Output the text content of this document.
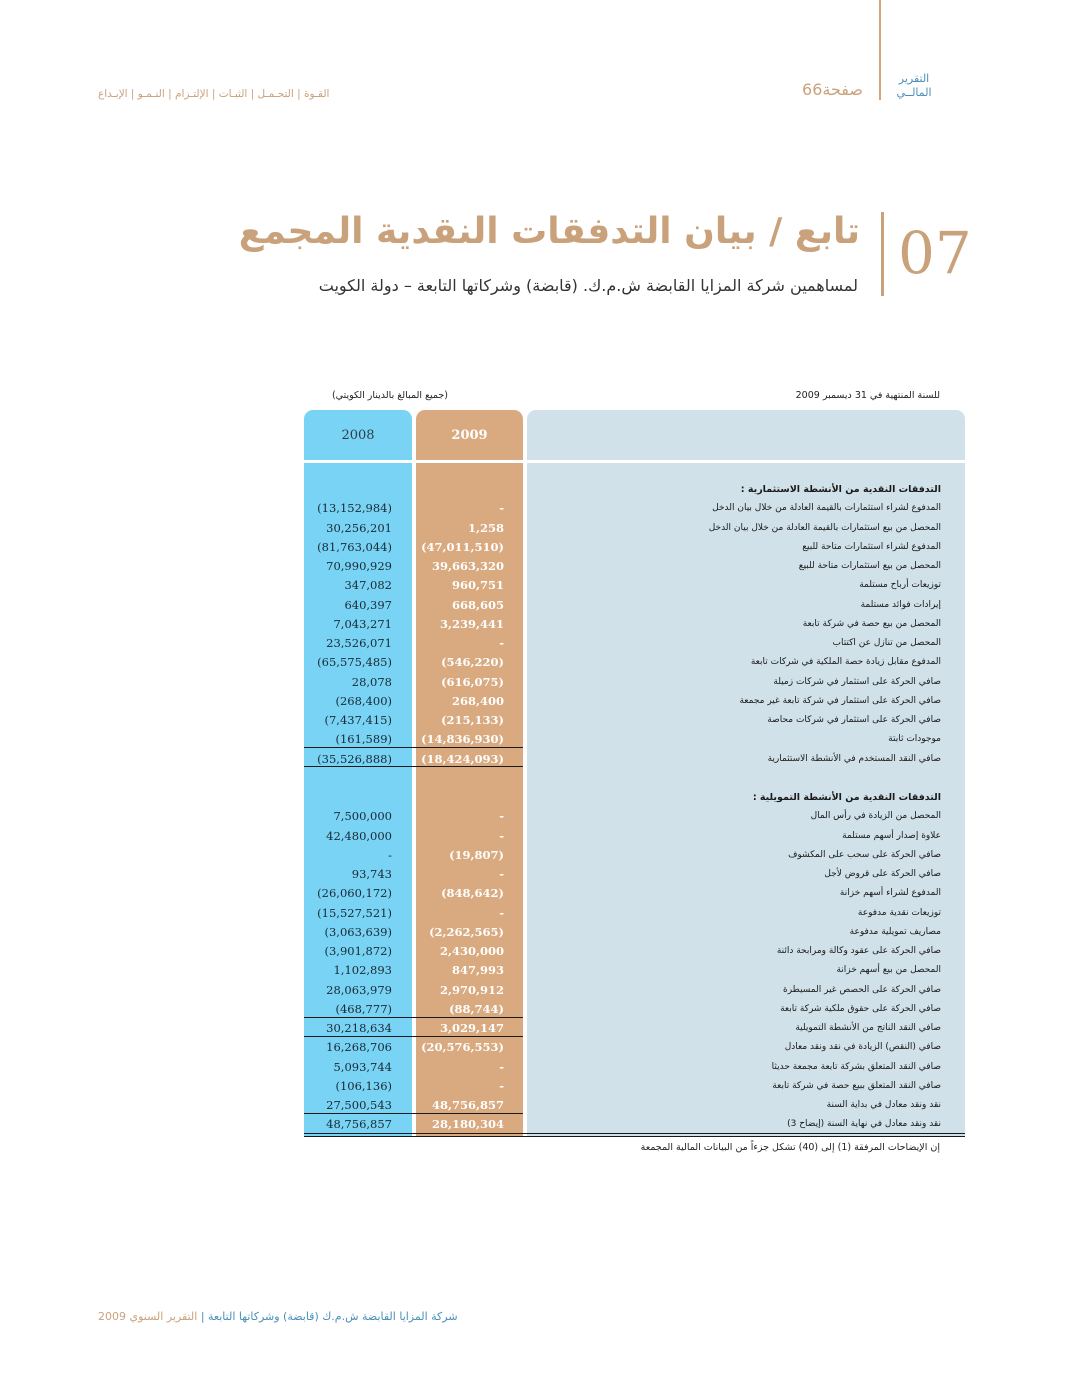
التقرير
المالــي
صفحة66
القـوة | التحـمـل | الثبـات | الإلتـزام | النـمـو | الإبـداع
07
تابع / بيان التدفقات النقدية المجمع
لمساهمين شركة المزايا القابضة ش.م.ك. (قابضة) وشركاتها التابعة – دولة الكويت
للسنة المنتهية في 31 ديسمبر 2009
(جميع المبالغ بالدينار الكويتي)
2008	2009
التدفقات النقدية من الأنشطة الاستثمارية :
(13,152,984)	-	المدفوع لشراء استثمارات بالقيمة العادلة من خلال بيان الدخل
30,256,201	1,258	المحصل من بيع استثمارات بالقيمة العادلة من خلال بيان الدخل
(81,763,044)	(47,011,510)	المدفوع لشراء استثمارات متاحة للبيع
70,990,929	39,663,320	المحصل من بيع استثمارات متاحة للبيع
347,082	960,751	توزيعات أرباح مستلمة
640,397	668,605	إيرادات فوائد مستلمة
7,043,271	3,239,441	المحصل من بيع حصة في شركة تابعة
23,526,071	-	المحصل من تنازل عن اكتتاب
(65,575,485)	(546,220)	المدفوع مقابل زيادة حصة الملكية في شركات تابعة
28,078	(616,075)	صافي الحركة على استثمار في شركات زميلة
(268,400)	268,400	صافي الحركة على استثمار في شركة تابعة غير مجمعة
(7,437,415)	(215,133)	صافي الحركة على استثمار في شركات محاصة
(161,589)	(14,836,930)	موجودات ثابتة
(35,526,888)	(18,424,093)	صافي النقد المستخدم في الأنشطة الاستثمارية
التدفقات النقدية من الأنشطة التمويلية :
7,500,000	-	المحصل من الزيادة في رأس المال
42,480,000	-	علاوة إصدار أسهم مستلمة
-	(19,807)	صافي الحركة على سحب على المكشوف
93,743	-	صافي الحركة على قروض لأجل
(26,060,172)	(848,642)	المدفوع لشراء أسهم خزانة
(15,527,521)	-	توزيعات نقدية مدفوعة
(3,063,639)	(2,262,565)	مصاريف تمويلية مدفوعة
(3,901,872)	2,430,000	صافي الحركة على عقود وكالة ومرابحة دائنة
1,102,893	847,993	المحصل من بيع أسهم خزانة
28,063,979	2,970,912	صافي الحركة على الحصص غير المسيطرة
(468,777)	(88,744)	صافي الحركة على حقوق ملكية شركة تابعة
30,218,634	3,029,147	صافي النقد الناتج من الأنشطة التمويلية
16,268,706	(20,576,553)	صافي (النقص) الزيادة في نقد ونقد معادل
5,093,744	-	صافي النقد المتعلق بشركة تابعة مجمعة حديثا
(106,136)	-	صافي النقد المتعلق ببيع حصة في شركة تابعة
27,500,543	48,756,857	نقد ونقد معادل في بداية السنة
48,756,857	28,180,304	نقد ونقد معادل في نهاية السنة (إيضاح 3)
إن الإيضاحات المرفقة (1) إلى (40) تشكل جزءاً من البيانات المالية المجمعة
شركة المزايا القابضة ش.م.ك (قابضة) وشركاتها التابعة | التقرير السنوي 2009
